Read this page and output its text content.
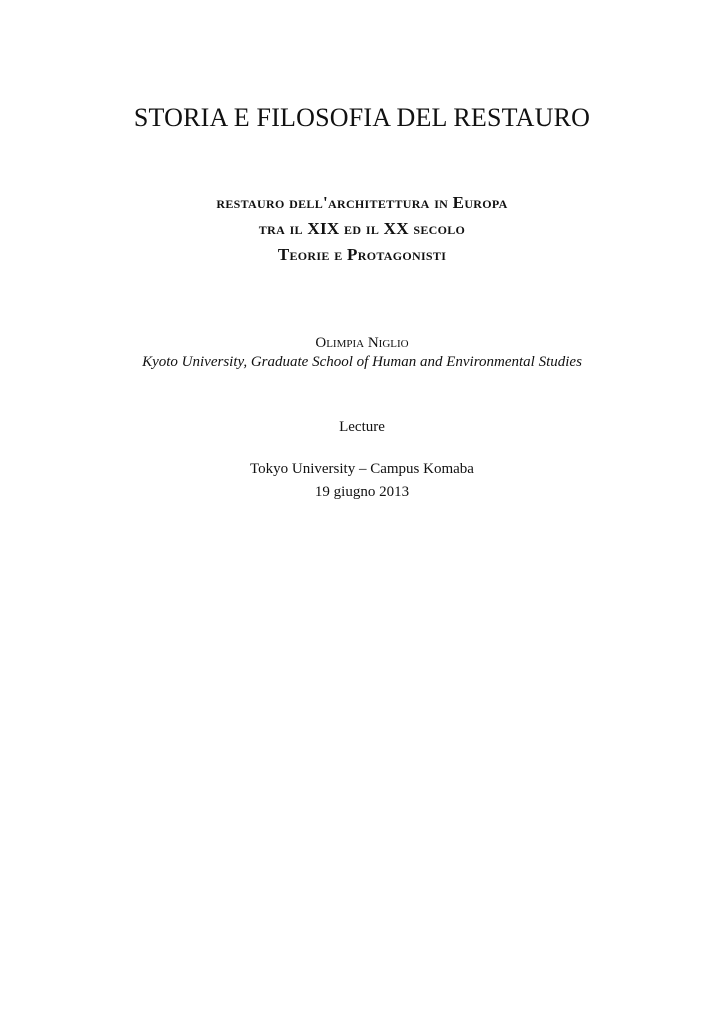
STORIA E FILOSOFIA DEL RESTAURO
restauro dell'architettura in Europa
tra il XIX ed il XX secolo
Teorie e Protagonisti
Olimpia Niglio
Kyoto University, Graduate School of Human and Environmental Studies
Lecture
Tokyo University – Campus Komaba
19 giugno 2013
